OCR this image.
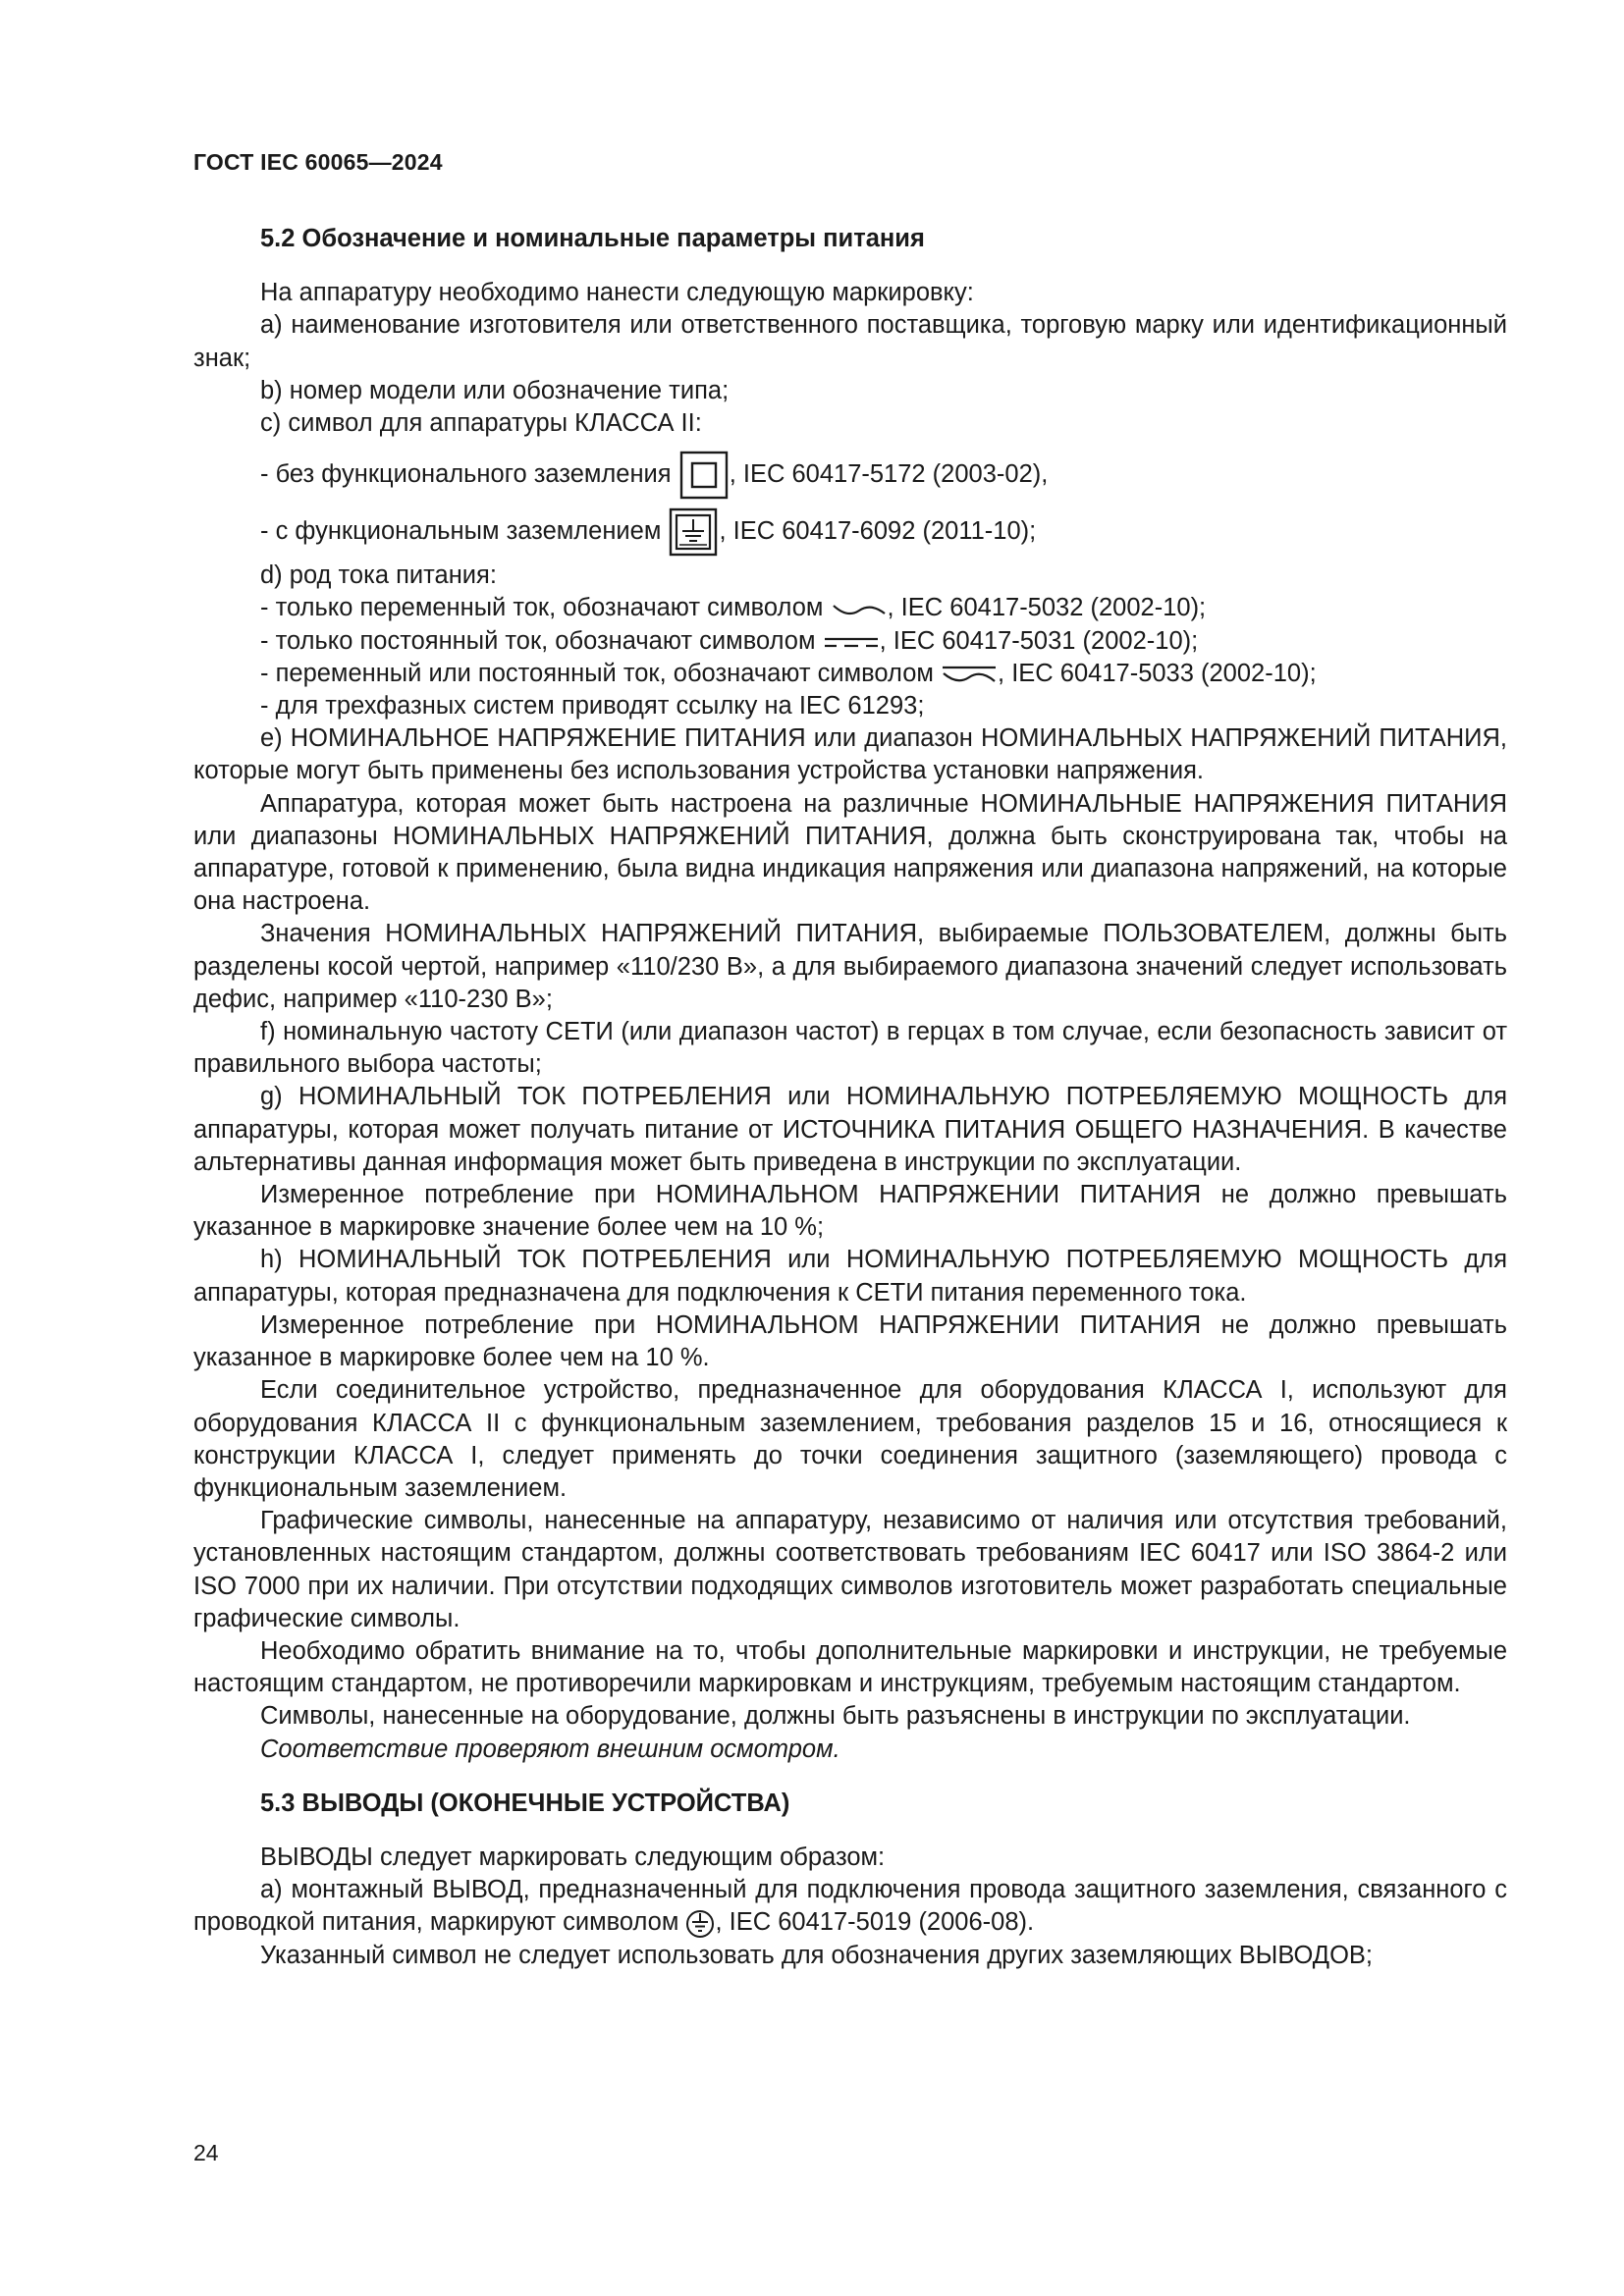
ГОСТ IEC 60065—2024

5.2 Обозначение и номинальные параметры питания

На аппаратуру необходимо нанести следующую маркировку:

a) наименование изготовителя или ответственного поставщика, торговую марку или идентификационный знак;

b) номер модели или обозначение типа;

c) символ для аппаратуры КЛАССА II:

- без функционального заземления , IEC 60417-5172 (2003-02),

- с функциональным заземлением , IEC 60417-6092 (2011-10);

d) род тока питания:

- только переменный ток, обозначают символом	, IEC 60417-5032 (2002-10);

- только постоянный ток, обозначают символом	, IEC 60417-5031 (2002-10);

- переменный или постоянный ток, обозначают символом	, IEC 60417-5033 (2002-10);

- для трехфазных систем приводят ссылку на IEC 61293;

e) НОМИНАЛЬНОЕ НАПРЯЖЕНИЕ ПИТАНИЯ или диапазон НОМИНАЛЬНЫХ НАПРЯЖЕНИЙ ПИТАНИЯ, которые могут быть применены без использования устройства установки напряжения.

Аппаратура, которая может быть настроена на различные НОМИНАЛЬНЫЕ НАПРЯЖЕНИЯ ПИТАНИЯ или диапазоны НОМИНАЛЬНЫХ НАПРЯЖЕНИЙ ПИТАНИЯ, должна быть сконструирована так, чтобы на аппаратуре, готовой к применению, была видна индикация напряжения или диапазона напряжений, на которые она настроена.

Значения НОМИНАЛЬНЫХ НАПРЯЖЕНИЙ ПИТАНИЯ, выбираемые ПОЛЬЗОВАТЕЛЕМ, должны быть разделены косой чертой, например «110/230 В», а для выбираемого диапазона значений следует использовать дефис, например «110-230 В»;

f) номинальную частоту СЕТИ (или диапазон частот) в герцах в том случае, если безопасность зависит от правильного выбора частоты;

g) НОМИНАЛЬНЫЙ ТОК ПОТРЕБЛЕНИЯ или НОМИНАЛЬНУЮ ПОТРЕБЛЯЕМУЮ МОЩНОСТЬ для аппаратуры, которая может получать питание от ИСТОЧНИКА ПИТАНИЯ ОБЩЕГО НАЗНАЧЕНИЯ. В качестве альтернативы данная информация может быть приведена в инструкции по эксплуатации.

Измеренное потребление при НОМИНАЛЬНОМ НАПРЯЖЕНИИ ПИТАНИЯ не должно превышать указанное в маркировке значение более чем на 10 %;

h) НОМИНАЛЬНЫЙ ТОК ПОТРЕБЛЕНИЯ или НОМИНАЛЬНУЮ ПОТРЕБЛЯЕМУЮ МОЩНОСТЬ для аппаратуры, которая предназначена для подключения к СЕТИ питания переменного тока.

Измеренное потребление при НОМИНАЛЬНОМ НАПРЯЖЕНИИ ПИТАНИЯ не должно превышать указанное в маркировке более чем на 10 %.

Если соединительное устройство, предназначенное для оборудования КЛАССА I, используют для оборудования КЛАССА II с функциональным заземлением, требования разделов 15 и 16, относящиеся к конструкции КЛАССА I, следует применять до точки соединения защитного (заземляющего) провода с функциональным заземлением.

Графические символы, нанесенные на аппаратуру, независимо от наличия или отсутствия требований, установленных настоящим стандартом, должны соответствовать требованиям IEC 60417 или ISO 3864-2 или ISO 7000 при их наличии. При отсутствии подходящих символов изготовитель может разработать специальные графические символы.

Необходимо обратить внимание на то, чтобы дополнительные маркировки и инструкции, не требуемые настоящим стандартом, не противоречили маркировкам и инструкциям, требуемым настоящим стандартом.

Символы, нанесенные на оборудование, должны быть разъяснены в инструкции по эксплуатации.

Соответствие проверяют внешним осмотром.

5.3 ВЫВОДЫ (ОКОНЕЧНЫЕ УСТРОЙСТВА)

ВЫВОДЫ следует маркировать следующим образом:

a) монтажный ВЫВОД, предназначенный для подключения провода защитного заземления, связанного с проводкой питания, маркируют символом , IEC 60417-5019 (2006-08).

Указанный символ не следует использовать для обозначения других заземляющих ВЫВОДОВ;

24
